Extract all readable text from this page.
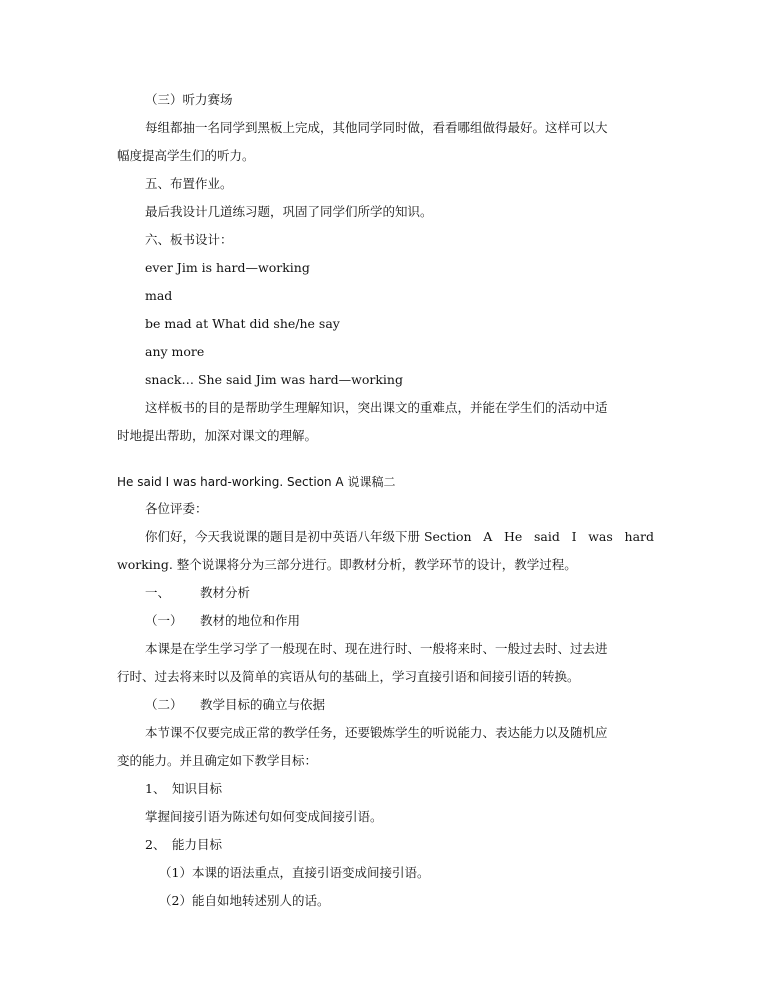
（三）听力赛场
每组都抽一名同学到黑板上完成，其他同学同时做，看看哪组做得最好。这样可以大
幅度提高学生们的听力。
五、布置作业。
最后我设计几道练习题，巩固了同学们所学的知识。
六、板书设计：
ever Jim is hard—working
mad
be mad at What did she/he say
any more
snack… She said Jim was hard—working
这样板书的目的是帮助学生理解知识，突出课文的重难点，并能在学生们的活动中适
时地提出帮助，加深对课文的理解。
He said I was hard-working. Section A 说课稿二
各位评委：
你们好，今天我说课的题目是初中英语八年级下册 Section A He said I was hard
working. 整个说课将分为三部分进行。即教材分析，教学环节的设计，教学过程。
一、 教材分析
（一） 教材的地位和作用
本课是在学生学习学了一般现在时、现在进行时、一般将来时、一般过去时、过去进
行时、过去将来时以及简单的宾语从句的基础上，学习直接引语和间接引语的转换。
（二） 教学目标的确立与依据
本节课不仅要完成正常的教学任务，还要锻炼学生的听说能力、表达能力以及随机应
变的能力。并且确定如下教学目标：
1、 知识目标
掌握间接引语为陈述句如何变成间接引语。
2、 能力目标
（1）本课的语法重点，直接引语变成间接引语。
（2）能自如地转述别人的话。
